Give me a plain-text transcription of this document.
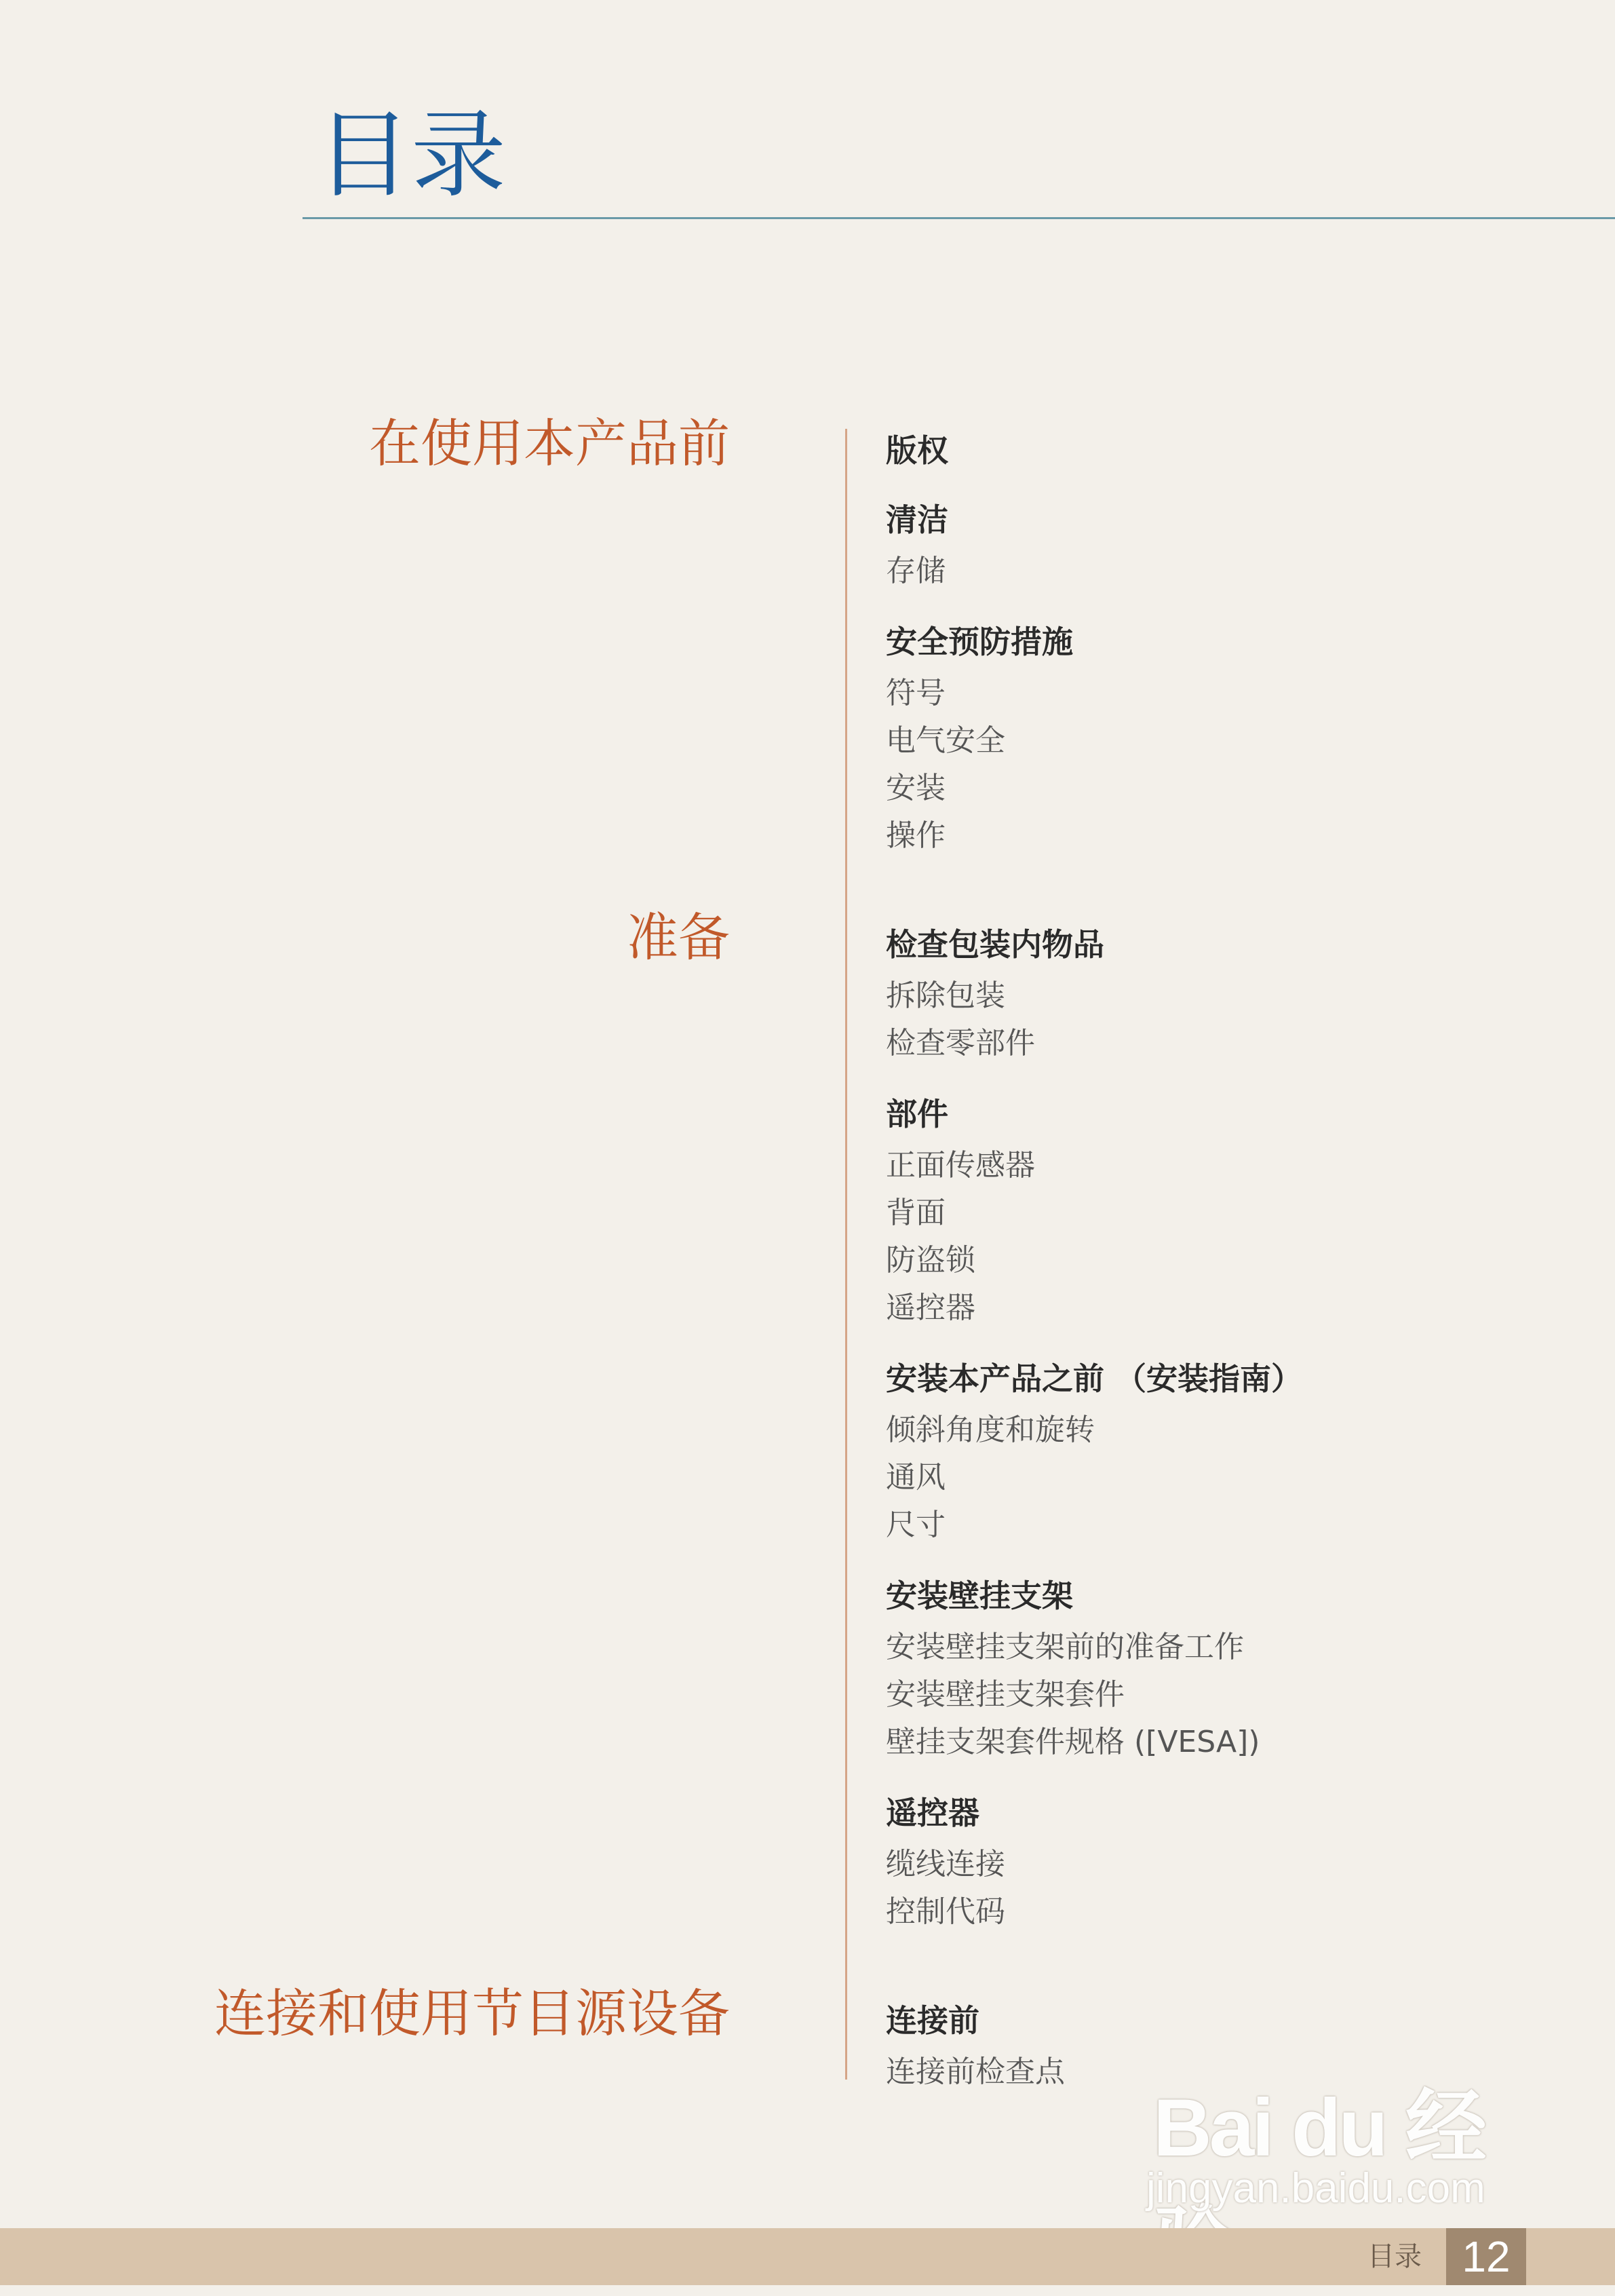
目录
在使用本产品前	版权
清洁
存储
安全预防措施
符号
电气安全
安装
操作
准备	检查包装内物品
拆除包装
检查零部件
部件
正面传感器
背面
防盗锁
遥控器
安装本产品之前 （安装指南）
倾斜角度和旋转
通风
尺寸
安装壁挂支架
安装壁挂支架前的准备工作
安装壁挂支架套件
壁挂支架套件规格 ([VESA])
遥控器
缆线连接
控制代码
连接和使用节目源设备	连接前
连接前检查点
Bai du 经
jingyan.baidu.com
目录 12
